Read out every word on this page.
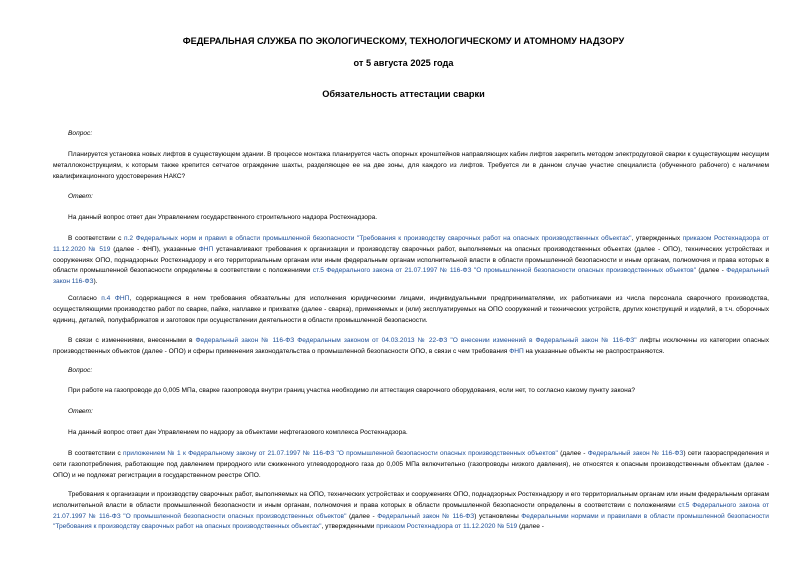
ФЕДЕРАЛЬНАЯ СЛУЖБА ПО ЭКОЛОГИЧЕСКОМУ, ТЕХНОЛОГИЧЕСКОМУ И АТОМНОМУ НАДЗОРУ
от 5 августа 2025 года
Обязательность аттестации сварки
Вопрос:
Планируется установка новых лифтов в существующем здании. В процессе монтажа планируется часть опорных кронштейнов направляющих кабин лифтов закрепить методом электродуговой сварки к существующим несущим металлоконструкциям, к которым также крепится сетчатое ограждение шахты, разделяющее ее на две зоны, для каждого из лифтов. Требуется ли в данном случае участие специалиста (обученного рабочего) с наличием квалификационного удостоверения НАКС?
Ответ:
На данный вопрос ответ дан Управлением государственного строительного надзора Ростехнадзора.
В соответствии с п.2 Федеральных норм и правил в области промышленной безопасности "Требования к производству сварочных работ на опасных производственных объектах", утвержденных приказом Ростехнадзора от 11.12.2020 № 519 (далее - ФНП), указанные ФНП устанавливают требования к организации и производству сварочных работ, выполняемых на опасных производственных объектах (далее - ОПО), технических устройствах и сооружениях ОПО, поднадзорных Ростехнадзору и его территориальным органам или иным федеральным органам исполнительной власти в области промышленной безопасности и иным органам, полномочия и права которых в области промышленной безопасности определены в соответствии с положениями ст.5 Федерального закона от 21.07.1997 № 116-ФЗ "О промышленной безопасности опасных производственных объектов" (далее - Федеральный закон 116-ФЗ).
Согласно п.4 ФНП, содержащиеся в нем требования обязательны для исполнения юридическими лицами, индивидуальными предпринимателями, их работниками из числа персонала сварочного производства, осуществляющими производство работ по сварке, пайке, наплавке и прихватке (далее - сварка), применяемых и (или) эксплуатируемых на ОПО сооружений и технических устройств, других конструкций и изделий, в т.ч. сборочных единиц, деталей, полуфабрикатов и заготовок при осуществлении деятельности в области промышленной безопасности.
В связи с изменениями, внесенными в Федеральный закон № 116-ФЗ Федеральным законом от 04.03.2013 № 22-ФЗ "О внесении изменений в Федеральный закон № 116-ФЗ" лифты исключены из категории опасных производственных объектов (далее - ОПО) и сферы применения законодательства о промышленной безопасности ОПО, в связи с чем требования ФНП на указанные объекты не распространяются.
Вопрос:
При работе на газопроводе до 0,005 МПа, сварке газопровода внутри границ участка необходимо ли аттестация сварочного оборудования, если нет, то согласно какому пункту закона?
Ответ:
На данный вопрос ответ дан Управлением по надзору за объектами нефтегазового комплекса Ростехнадзора.
В соответствии с приложением № 1 к Федеральному закону от 21.07.1997 № 116-ФЗ "О промышленной безопасности опасных производственных объектов" (далее - Федеральный закон № 116-ФЗ) сети газораспределения и сети газопотребления, работающие под давлением природного или сжиженного углеводородного газа до 0,005 МПа включительно (газопроводы низкого давления), не относятся к опасным производственным объектам (далее - ОПО) и не подлежат регистрации в государственном реестре ОПО.
Требования к организации и производству сварочных работ, выполняемых на ОПО, технических устройствах и сооружениях ОПО, поднадзорных Ростехнадзору и его территориальным органам или иным федеральным органам исполнительной власти в области промышленной безопасности и иным органам, полномочия и права которых в области промышленной безопасности определены в соответствии с положениями ст.5 Федерального закона от 21.07.1997 № 116-ФЗ "О промышленной безопасности опасных производственных объектов" (далее - Федеральный закон № 116-ФЗ) установлены Федеральными нормами и правилами в области промышленной безопасности "Требования к производству сварочных работ на опасных производственных объектах", утвержденными приказом Ростехнадзора от 11.12.2020 № 519 (далее -
